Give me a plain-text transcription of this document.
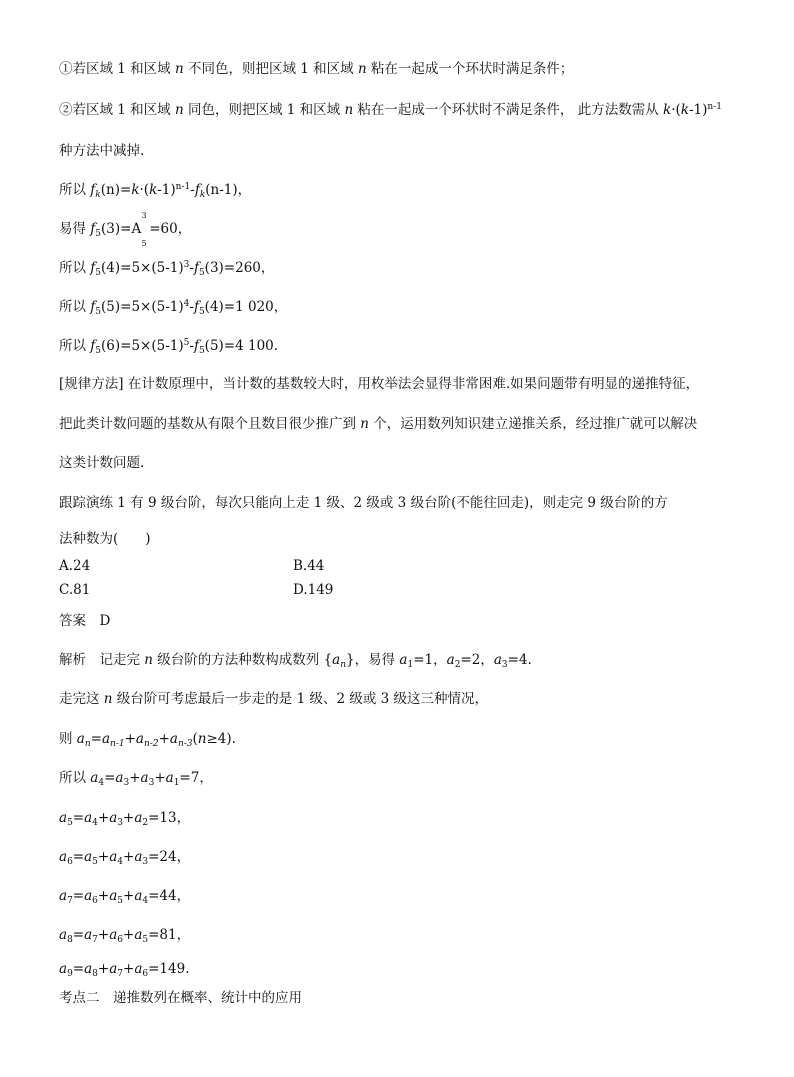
①若区域 1 和区域 n 不同色，则把区域 1 和区域 n 粘在一起成一个环状时满足条件；
②若区域 1 和区域 n 同色，则把区域 1 和区域 n 粘在一起成一个环状时不满足条件， 此方法数需从 $k\cdot(k-1)^{n-1}$
种方法中减掉.
所以 $f_k(n)=k\cdot(k-1)^{n-1}-f_k(n-1)$，
易得 $f_5(3)=A$
3
5
=60，
所以 $f_5(4)=5\times(5-1)^3-f_5(3)=260$，
所以 $f_5(5)=5\times(5-1)^4-f_5(4)=1$ 020，
所以 $f_5(6)=5\times(5-1)^5-f_5(5)=4$ 100.
[规律方法] 在计数原理中，当计数的基数较大时，用枚举法会显得非常困难.如果问题带有明显的递推特征，
把此类计数问题的基数从有限个且数目很少推广到 n 个，运用数列知识建立递推关系，经过推广就可以解决
这类计数问题.
跟踪演练 1 有 9 级台阶，每次只能向上走 1 级、2 级或 3 级台阶(不能往回走)，则走完 9 级台阶的方
法种数为(　　)
A.24	B.44
C.81	D.149
答案　D
解析　记走完 n 级台阶的方法种数构成数列 $\{a_n\}$，易得 $a_1=1$，$a_2=2$，$a_3=4$.
走完这 n 级台阶可考虑最后一步走的是 1 级、2 级或 3 级这三种情况，
则 $a_n=a_{n-1}+a_{n-2}+a_{n-3}(n\ge 4)$.
所以 $a_4=a_3+a_3+a_1=7$，
$a_5=a_4+a_3+a_2=13$，
$a_6=a_5+a_4+a_3=24$，
$a_7=a_6+a_5+a_4=44$，
$a_8=a_7+a_6+a_5=81$，
$a_9=a_8+a_7+a_6=149$.
考点二　递推数列在概率、统计中的应用
